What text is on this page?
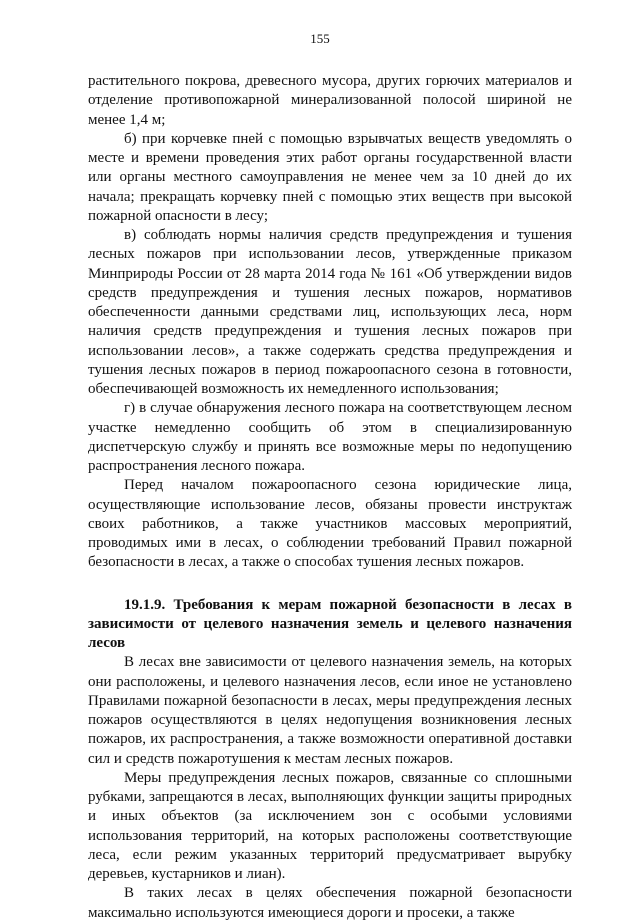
155

растительного покрова, древесного мусора, других горючих материалов и отделение противопожарной минерализованной полосой шириной не менее 1,4 м;

б) при корчевке пней с помощью взрывчатых веществ уведомлять о месте и времени проведения этих работ органы государственной власти или органы местного самоуправления не менее чем за 10 дней до их начала; прекращать корчевку пней с помощью этих веществ при высокой пожарной опасности в лесу;

в) соблюдать нормы наличия средств предупреждения и тушения лесных пожаров при использовании лесов, утвержденные приказом Минприроды России от 28 марта 2014 года № 161 «Об утверждении видов средств предупреждения и тушения лесных пожаров, нормативов обеспеченности данными средствами лиц, использующих леса, норм наличия средств предупреждения и тушения лесных пожаров при использовании лесов», а также содержать средства предупреждения и тушения лесных пожаров в период пожароопасного сезона в готовности, обеспечивающей возможность их немедленного использования;

г) в случае обнаружения лесного пожара на соответствующем лесном участке немедленно сообщить об этом в специализированную диспетчерскую службу и принять все возможные меры по недопущению распространения лесного пожара.

Перед началом пожароопасного сезона юридические лица, осуществляющие использование лесов, обязаны провести инструктаж своих работников, а также участников массовых мероприятий, проводимых ими в лесах, о соблюдении требований Правил пожарной безопасности в лесах, а также о способах тушения лесных пожаров.

19.1.9. Требования к мерам пожарной безопасности в лесах в зависимости от целевого назначения земель и целевого назначения лесов

В лесах вне зависимости от целевого назначения земель, на которых они расположены, и целевого назначения лесов, если иное не установлено Правилами пожарной безопасности в лесах, меры предупреждения лесных пожаров осуществляются в целях недопущения возникновения лесных пожаров, их распространения, а также возможности оперативной доставки сил и средств пожаротушения к местам лесных пожаров.

Меры предупреждения лесных пожаров, связанные со сплошными рубками, запрещаются в лесах, выполняющих функции защиты природных и иных объектов (за исключением зон с особыми условиями использования территорий, на которых расположены соответствующие леса, если режим указанных территорий предусматривает вырубку деревьев, кустарников и лиан).

В таких лесах в целях обеспечения пожарной безопасности максимально используются имеющиеся дороги и просеки, а также
